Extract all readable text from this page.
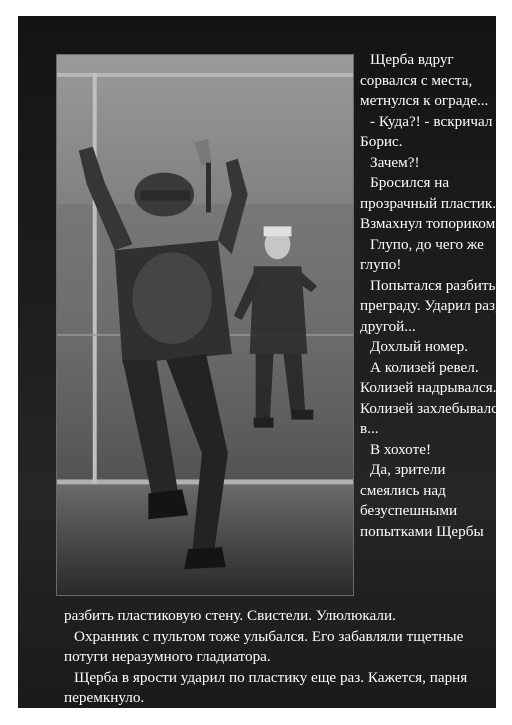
Щерба вдруг сорвался с места, метнулся к ограде...

- Куда?! - вскричал Борис.

Зачем?!

Бросился на прозрачный пластик. Взмахнул топориком...

Глупо, до чего же глупо!

Попытался разбить преграду. Ударил раз, другой...

Дохлый номер.

А колизей ревел. Колизей надрывался. Колизей захлебывался в...

В хохоте!

Да, зрители смеялись над безуспешными попытками Щербы

разбить пластиковую стену. Свистели. Улюлюкали.

Охранник с пультом тоже улыбался. Его забавляли тщетные потуги неразумного гладиатора.

Щерба в ярости ударил по пластику еще раз. Кажется, парня перемкнуло.
